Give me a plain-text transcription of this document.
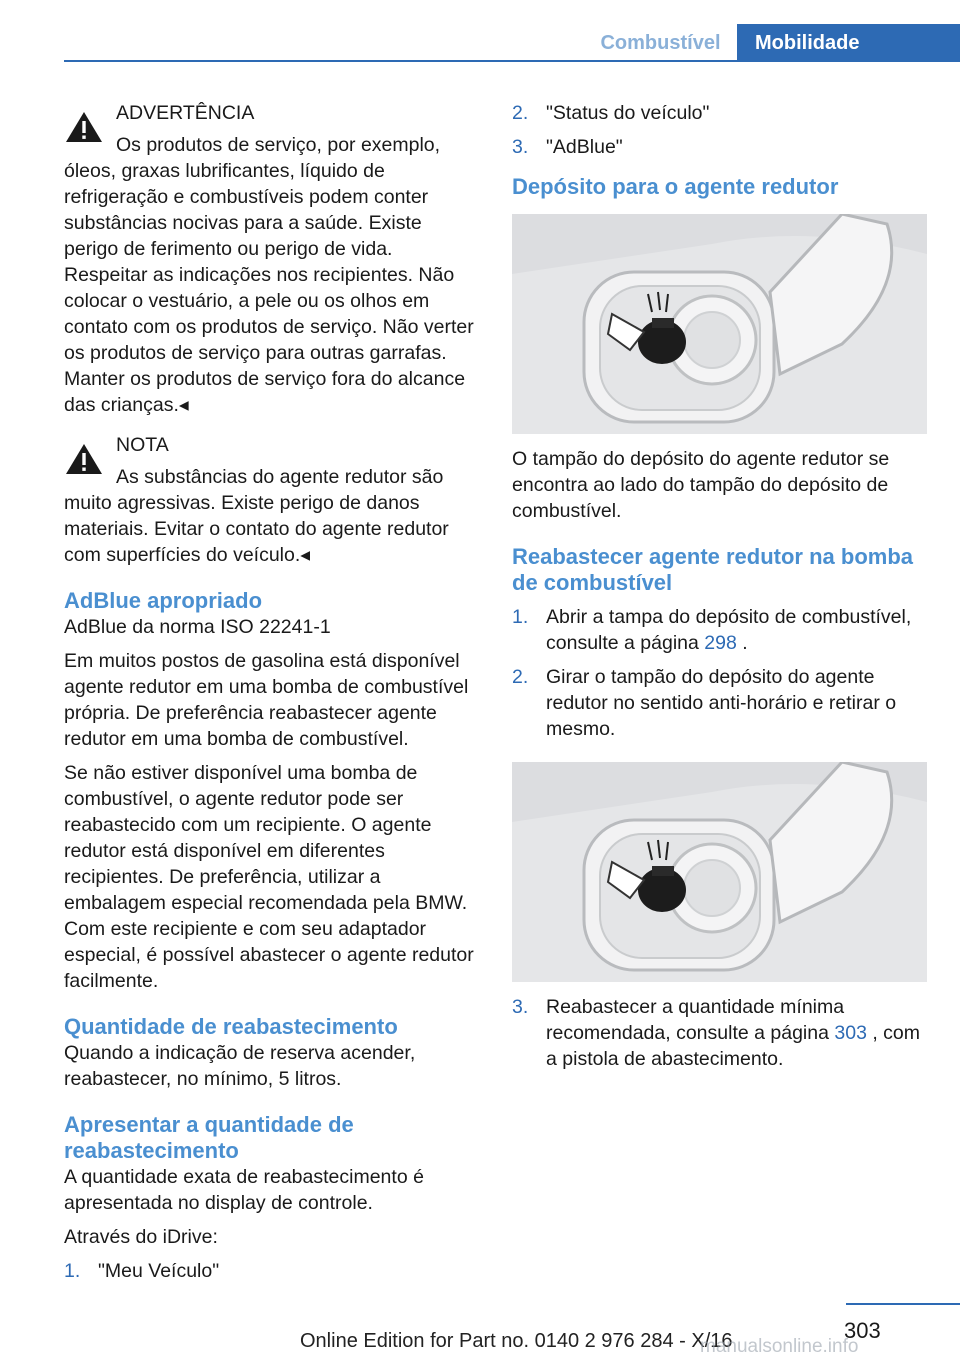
Combustível	Mobilidade
ADVERTÊNCIA
Os produtos de serviço, por exemplo, óleos, graxas lubrificantes, líquido de refrigeração e combustíveis podem conter substâncias nocivas para a saúde. Existe perigo de ferimento ou perigo de vida. Respeitar as indicações nos recipientes. Não colocar o vestuário, a pele ou os olhos em contato com os produtos de serviço. Não verter os produtos de serviço para outras garrafas. Manter os produtos de serviço fora do alcance das crianças.◂
NOTA
As substâncias do agente redutor são muito agressivas. Existe perigo de danos materiais. Evitar o contato do agente redutor com superfícies do veículo.◂
AdBlue apropriado

AdBlue da norma ISO 22241-1

Em muitos postos de gasolina está disponível agente redutor em uma bomba de combustível própria. De preferência reabastecer agente redutor em uma bomba de combustível.

Se não estiver disponível uma bomba de combustível, o agente redutor pode ser reabastecido com um recipiente. O agente redutor está disponível em diferentes recipientes. De preferência, utilizar a embalagem especial recomendada pela BMW. Com este recipiente e com seu adaptador especial, é possível abastecer o agente redutor facilmente.

Quantidade de reabastecimento

Quando a indicação de reserva acender, reabastecer, no mínimo, 5 litros.

Apresentar a quantidade de reabastecimento

A quantidade exata de reabastecimento é apresentada no display de controle.

Através do iDrive:

1. "Meu Veículo"
2. "Status do veículo"
3. "AdBlue"
Depósito para o agente redutor

O tampão do depósito do agente redutor se encontra ao lado do tampão do depósito de combustível.

Reabastecer agente redutor na bomba de combustível
1. Abrir a tampa do depósito de combustível, consulte a página 298 .
2. Girar o tampão do depósito do agente redutor no sentido anti-horário e retirar o mesmo.
3. Reabastecer a quantidade mínima recomendada, consulte a página 303 , com a pistola de abastecimento.
303
Online Edition for Part no. 0140 2 976 284 - X/16
manualsonline.info
